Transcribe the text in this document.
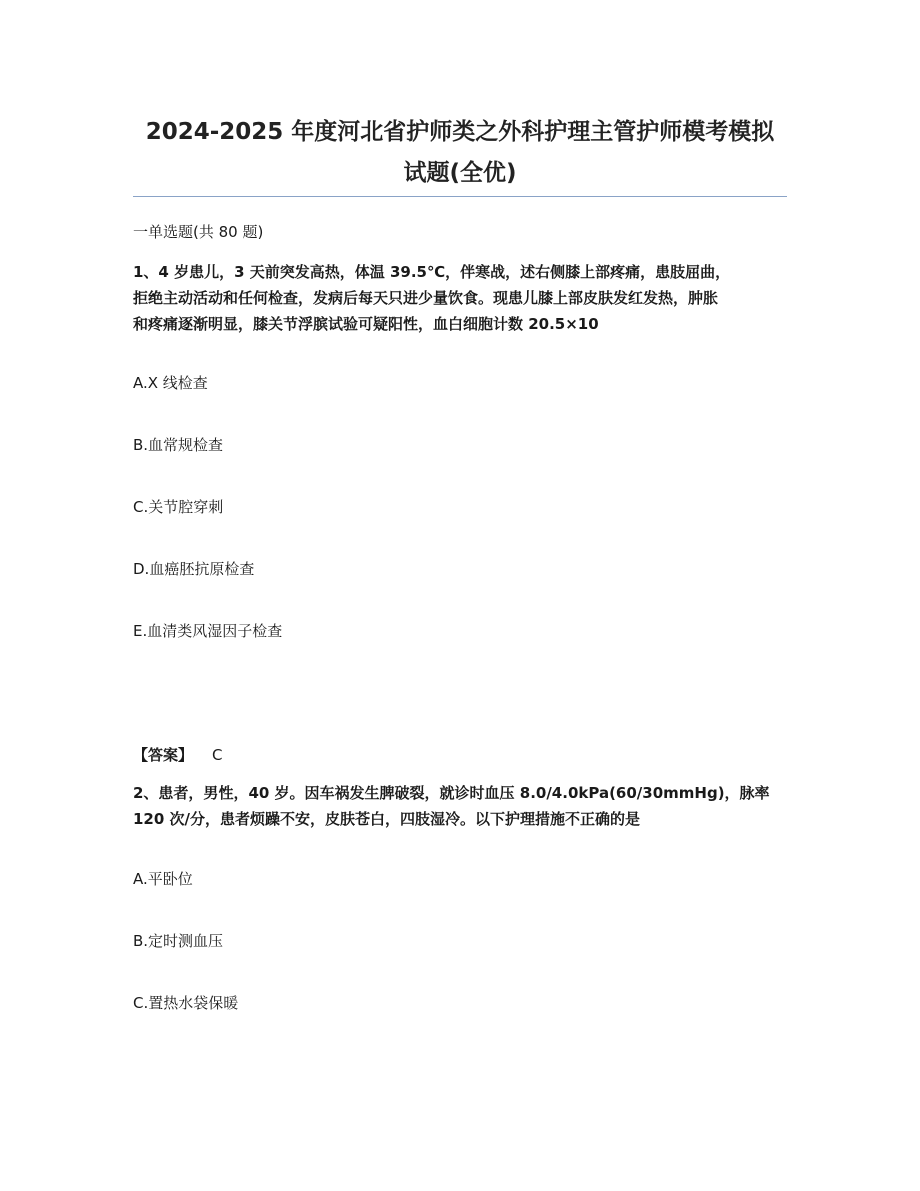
2024-2025 年度河北省护师类之外科护理主管护师模考模拟
试题(全优)
一单选题(共 80 题)
1、4 岁患儿，3 天前突发高热，体温 39.5℃，伴寒战，述右侧膝上部疼痛，患肢屈曲，
拒绝主动活动和任何检查，发病后每天只进少量饮食。现患儿膝上部皮肤发红发热，肿胀
和疼痛逐渐明显，膝关节浮膑试验可疑阳性，血白细胞计数 20.5×10
A.X 线检查
B.血常规检查
C.关节腔穿刺
D.血癌胚抗原检查
E.血清类风湿因子检查
【答案】 C
2、患者，男性，40 岁。因车祸发生脾破裂，就诊时血压 8.0/4.0kPa(60/30mmHg)，脉率
120 次/分，患者烦躁不安，皮肤苍白，四肢湿冷。以下护理措施不正确的是
A.平卧位
B.定时测血压
C.置热水袋保暖
